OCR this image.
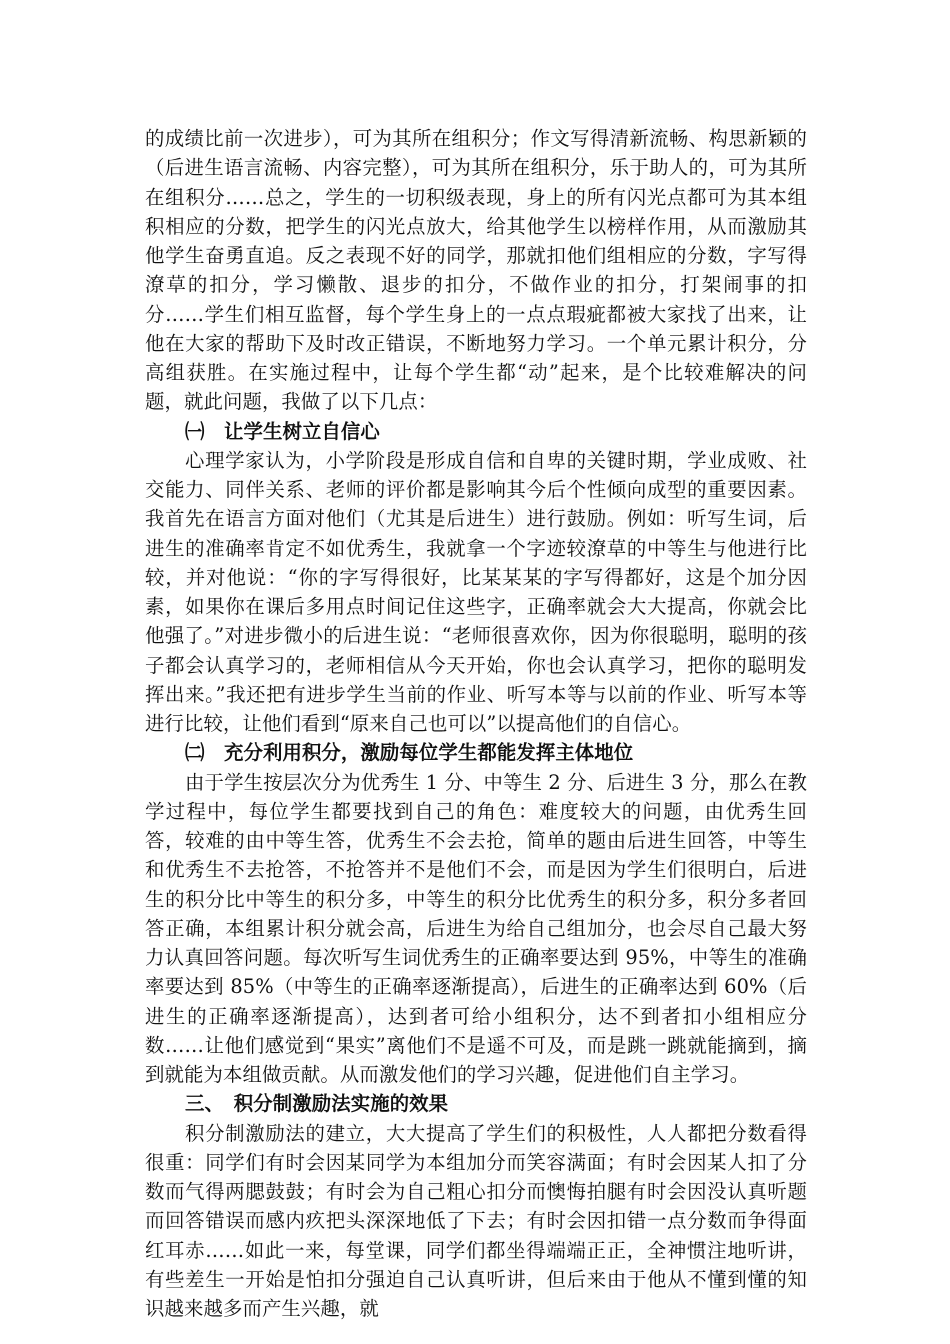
的成绩比前一次进步），可为其所在组积分；作文写得清新流畅、构思新颖的（后进生语言流畅、内容完整），可为其所在组积分，乐于助人的，可为其所在组积分……总之，学生的一切积级表现，身上的所有闪光点都可为其本组积相应的分数，把学生的闪光点放大，给其他学生以榜样作用，从而激励其他学生奋勇直追。反之表现不好的同学，那就扣他们组相应的分数，字写得潦草的扣分，学习懒散、退步的扣分，不做作业的扣分，打架闹事的扣分……学生们相互监督，每个学生身上的一点点瑕疵都被大家找了出来，让他在大家的帮助下及时改正错误，不断地努力学习。一个单元累计积分，分高组获胜。在实施过程中，让每个学生都“动”起来，是个比较难解决的问题，就此问题，我做了以下几点：

㈠　让学生树立自信心

心理学家认为，小学阶段是形成自信和自卑的关键时期，学业成败、社交能力、同伴关系、老师的评价都是影响其今后个性倾向成型的重要因素。我首先在语言方面对他们（尤其是后进生）进行鼓励。例如：听写生词，后进生的准确率肯定不如优秀生，我就拿一个字迹较潦草的中等生与他进行比较，并对他说：“你的字写得很好，比某某某的字写得都好，这是个加分因素，如果你在课后多用点时间记住这些字，正确率就会大大提高，你就会比他强了。”对进步微小的后进生说：“老师很喜欢你，因为你很聪明，聪明的孩子都会认真学习的，老师相信从今天开始，你也会认真学习，把你的聪明发挥出来。”我还把有进步学生当前的作业、听写本等与以前的作业、听写本等进行比较，让他们看到“原来自己也可以”以提高他们的自信心。

㈡　充分利用积分，激励每位学生都能发挥主体地位

由于学生按层次分为优秀生 1 分、中等生 2 分、后进生 3 分，那么在教学过程中，每位学生都要找到自己的角色：难度较大的问题，由优秀生回答，较难的由中等生答，优秀生不会去抢，简单的题由后进生回答，中等生和优秀生不去抢答，不抢答并不是他们不会，而是因为学生们很明白，后进生的积分比中等生的积分多，中等生的积分比优秀生的积分多，积分多者回答正确，本组累计积分就会高，后进生为给自己组加分，也会尽自己最大努力认真回答问题。每次听写生词优秀生的正确率要达到 95%，中等生的准确率要达到 85%（中等生的正确率逐渐提高），后进生的正确率达到 60%（后进生的正确率逐渐提高），达到者可给小组积分，达不到者扣小组相应分数……让他们感觉到“果实”离他们不是遥不可及，而是跳一跳就能摘到，摘到就能为本组做贡献。从而激发他们的学习兴趣，促进他们自主学习。

三、　积分制激励法实施的效果

积分制激励法的建立，大大提高了学生们的积极性，人人都把分数看得很重：同学们有时会因某同学为本组加分而笑容满面；有时会因某人扣了分数而气得两腮鼓鼓；有时会为自己粗心扣分而懊悔拍腿有时会因没认真听题而回答错误而感内疚把头深深地低了下去；有时会因扣错一点分数而争得面红耳赤……如此一来，每堂课，同学们都坐得端端正正，全神惯注地听讲，有些差生一开始是怕扣分强迫自己认真听讲，但后来由于他从不懂到懂的知识越来越多而产生兴趣，就
